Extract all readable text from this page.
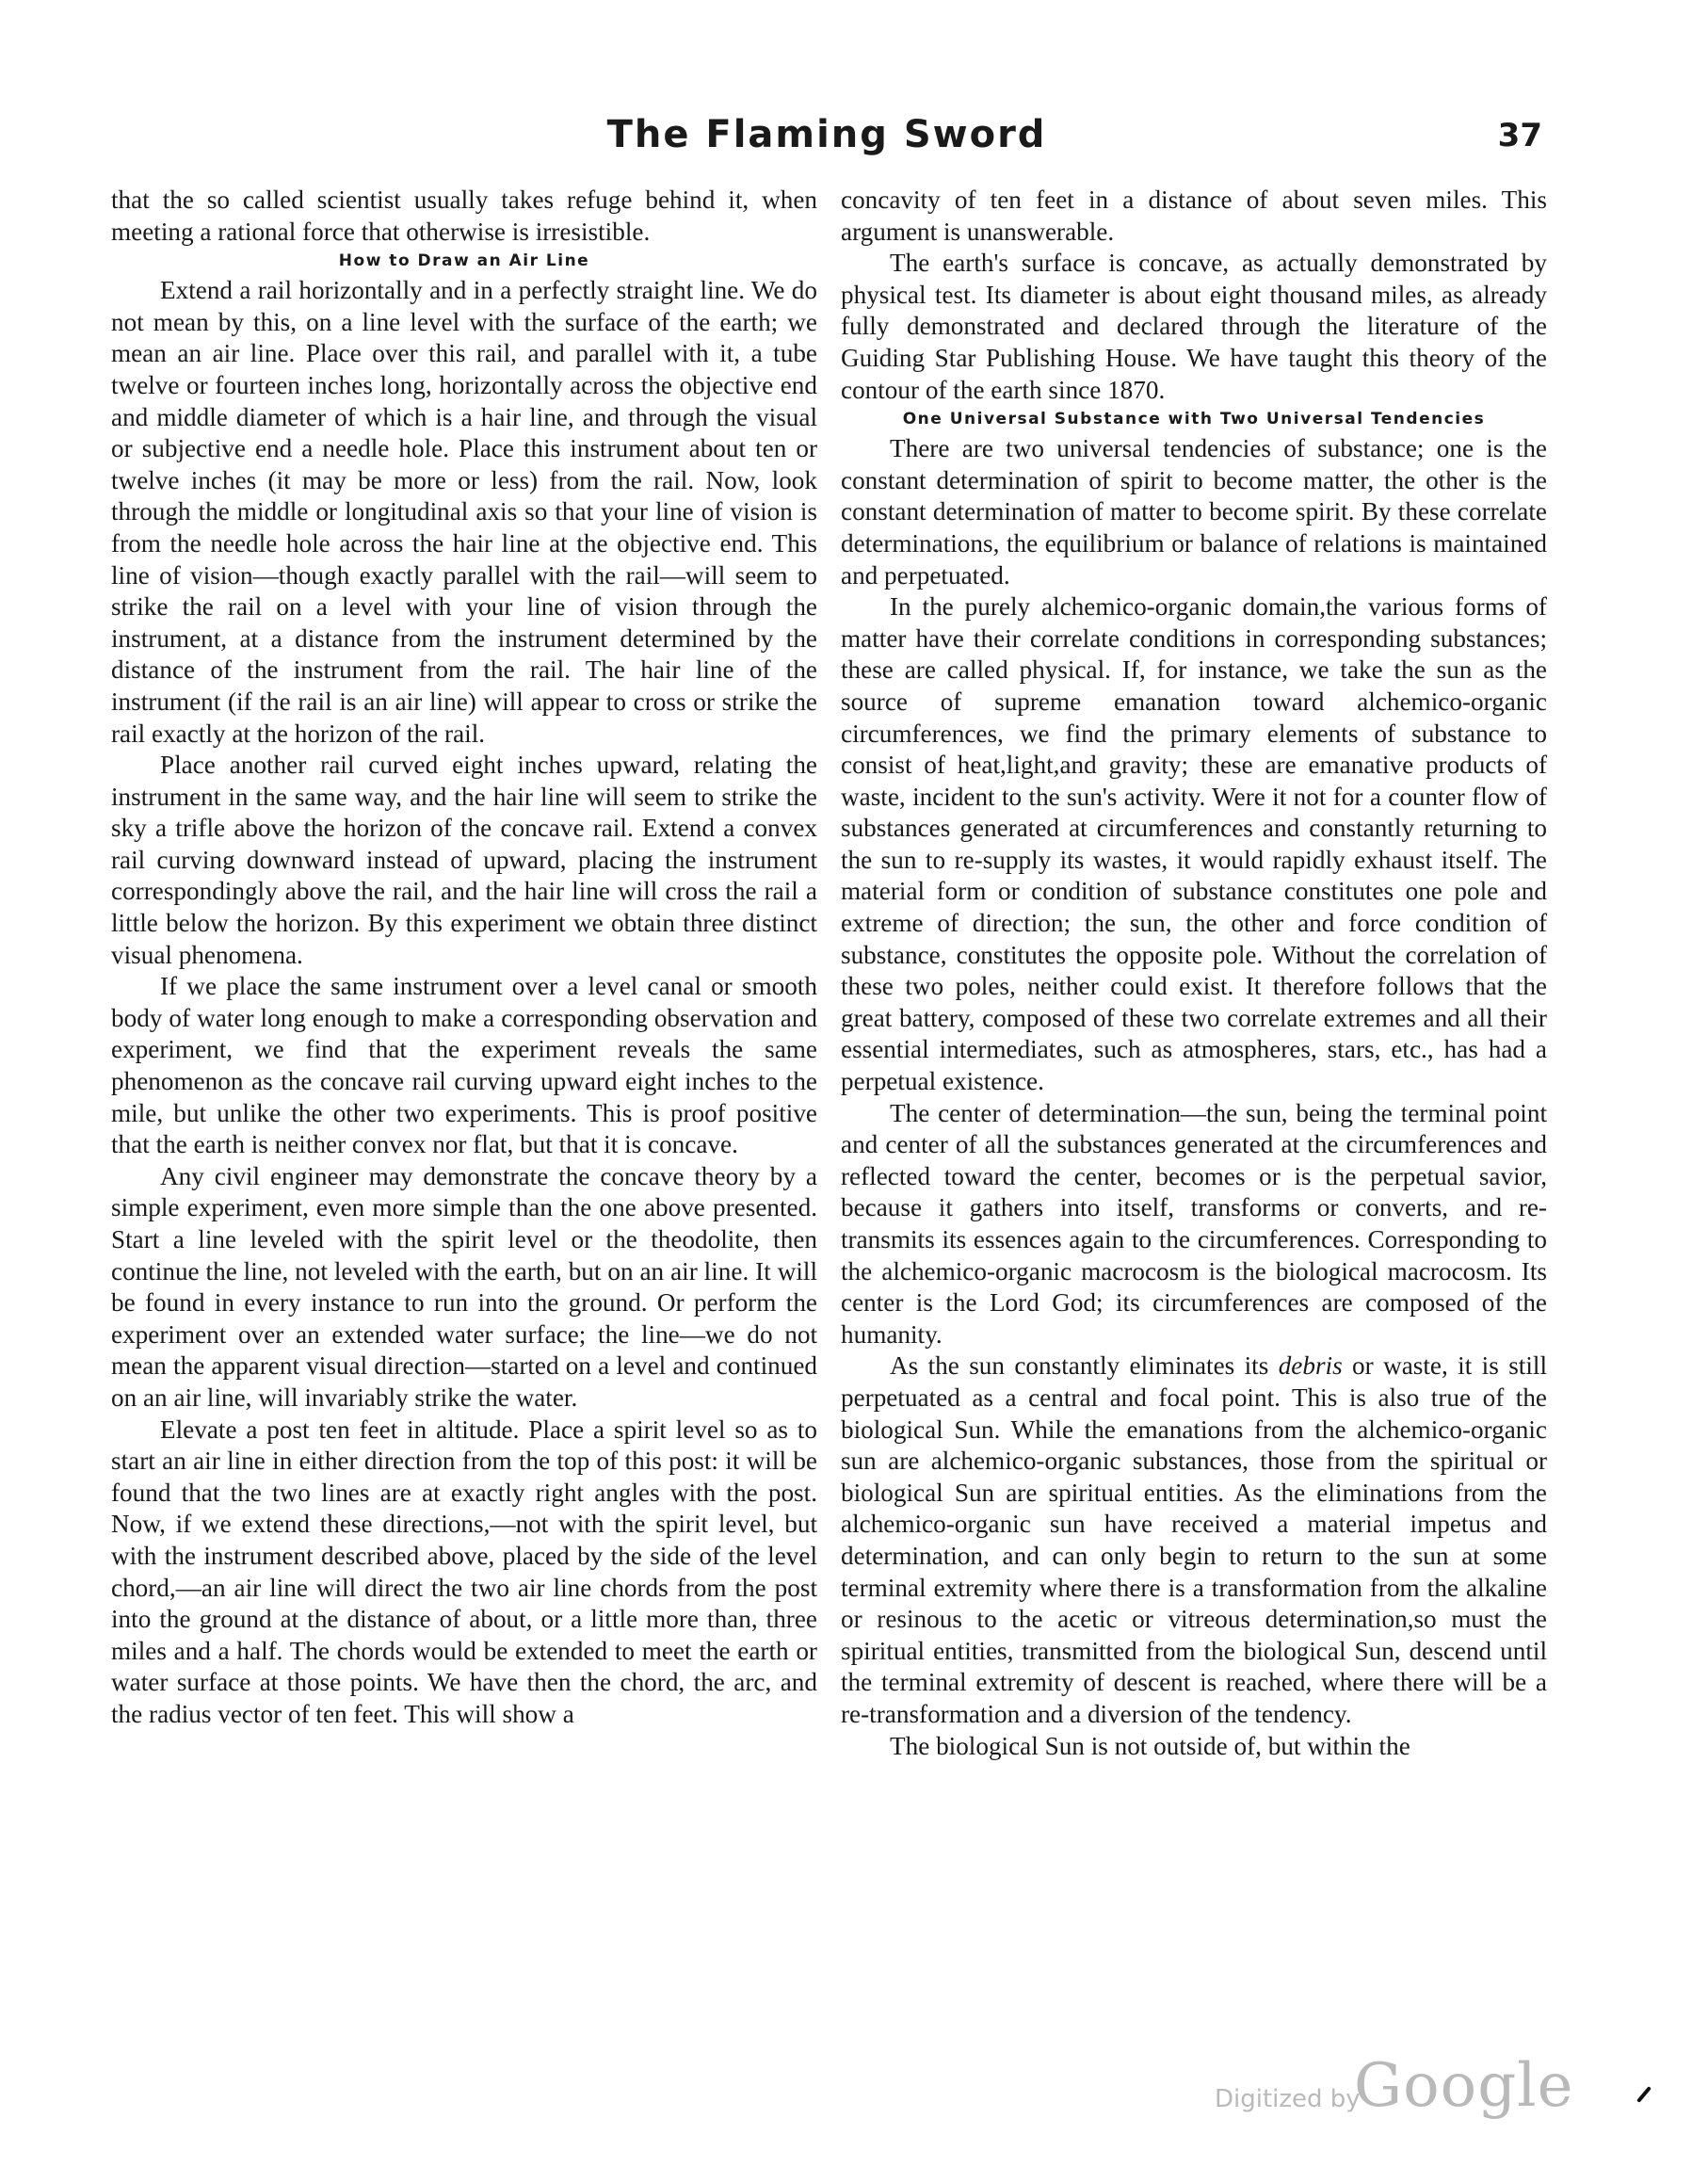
The Flaming Sword	37

that the so called scientist usually takes refuge behind it, when meeting a rational force that otherwise is irresistible.

How to Draw an Air Line

Extend a rail horizontally and in a perfectly straight line. We do not mean by this, on a line level with the surface of the earth; we mean an air line. Place over this rail, and parallel with it, a tube twelve or fourteen inches long, horizontally across the objective end and middle diameter of which is a hair line, and through the visual or subjective end a needle hole. Place this instrument about ten or twelve inches (it may be more or less) from the rail. Now, look through the middle or longitudinal axis so that your line of vision is from the needle hole across the hair line at the objective end. This line of vision—though exactly parallel with the rail—will seem to strike the rail on a level with your line of vision through the instrument, at a distance from the instrument determined by the distance of the instrument from the rail. The hair line of the instrument (if the rail is an air line) will appear to cross or strike the rail exactly at the horizon of the rail.

Place another rail curved eight inches upward, relating the instrument in the same way, and the hair line will seem to strike the sky a trifle above the horizon of the concave rail. Extend a convex rail curving downward instead of upward, placing the instrument correspondingly above the rail, and the hair line will cross the rail a little below the horizon. By this experiment we obtain three distinct visual phenomena.

If we place the same instrument over a level canal or smooth body of water long enough to make a corresponding observation and experiment, we find that the experiment reveals the same phenomenon as the concave rail curving upward eight inches to the mile, but unlike the other two experiments. This is proof positive that the earth is neither convex nor flat, but that it is concave.

Any civil engineer may demonstrate the concave theory by a simple experiment, even more simple than the one above presented. Start a line leveled with the spirit level or the theodolite, then continue the line, not leveled with the earth, but on an air line. It will be found in every instance to run into the ground. Or perform the experiment over an extended water surface; the line—we do not mean the apparent visual direction—started on a level and continued on an air line, will invariably strike the water.

Elevate a post ten feet in altitude. Place a spirit level so as to start an air line in either direction from the top of this post: it will be found that the two lines are at exactly right angles with the post. Now, if we extend these directions,—not with the spirit level, but with the instrument described above, placed by the side of the level chord,—an air line will direct the two air line chords from the post into the ground at the distance of about, or a little more than, three miles and a half. The chords would be extended to meet the earth or water surface at those points. We have then the chord, the arc, and the radius vector of ten feet. This will show a

concavity of ten feet in a distance of about seven miles. This argument is unanswerable.

The earth's surface is concave, as actually demonstrated by physical test. Its diameter is about eight thousand miles, as already fully demonstrated and declared through the literature of the Guiding Star Publishing House. We have taught this theory of the contour of the earth since 1870.

One Universal Substance with Two Universal Tendencies

There are two universal tendencies of substance; one is the constant determination of spirit to become matter, the other is the constant determination of matter to become spirit. By these correlate determinations, the equilibrium or balance of relations is maintained and perpetuated.

In the purely alchemico-organic domain,the various forms of matter have their correlate conditions in corresponding substances; these are called physical. If, for instance, we take the sun as the source of supreme emanation toward alchemico-organic circumferences, we find the primary elements of substance to consist of heat,light,and gravity; these are emanative products of waste, incident to the sun's activity. Were it not for a counter flow of substances generated at circumferences and constantly returning to the sun to re-supply its wastes, it would rapidly exhaust itself. The material form or condition of substance constitutes one pole and extreme of direction; the sun, the other and force condition of substance, constitutes the opposite pole. Without the correlation of these two poles, neither could exist. It therefore follows that the great battery, composed of these two correlate extremes and all their essential intermediates, such as atmospheres, stars, etc., has had a perpetual existence.

The center of determination—the sun, being the terminal point and center of all the substances generated at the circumferences and reflected toward the center, becomes or is the perpetual savior, because it gathers into itself, transforms or converts, and re-transmits its essences again to the circumferences. Corresponding to the alchemico-organic macrocosm is the biological macrocosm. Its center is the Lord God; its circumferences are composed of the humanity.

As the sun constantly eliminates its debris or waste, it is still perpetuated as a central and focal point. This is also true of the biological Sun. While the emanations from the alchemico-organic sun are alchemico-organic substances, those from the spiritual or biological Sun are spiritual entities. As the eliminations from the alchemico-organic sun have received a material impetus and determination, and can only begin to return to the sun at some terminal extremity where there is a transformation from the alkaline or resinous to the acetic or vitreous determination,so must the spiritual entities, transmitted from the biological Sun, descend until the terminal extremity of descent is reached, where there will be a re-transformation and a diversion of the tendency.

The biological Sun is not outside of, but within the

Digitized by
Google
